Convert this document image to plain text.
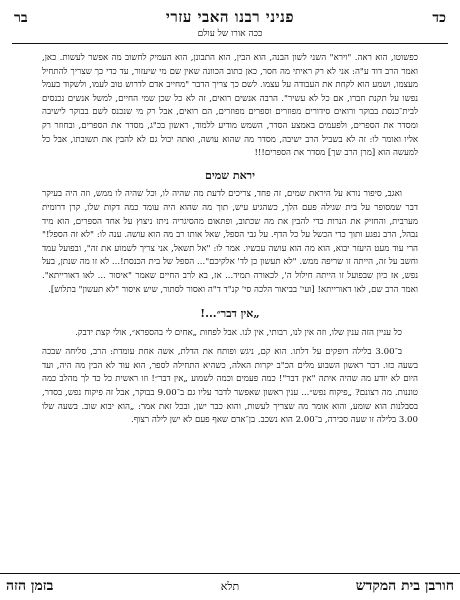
כד
בר	פניני רבנו האבי עזרי
ככה אורו של עולם

כפשוטו, הוא ראה. "וירא" השני לשון הבנה, הוא הבין, הוא התבונן, הוא העמיק לחשוב מה אפשר לעשות. כאן, ואמר הרב דוד ע"ה: אני לא רק ראיתי מה חסר, כאן כתוב הכוונה שאין שם מי שיעזור, עד כדי כך שצריך להתחיל מעצמו, ושמע הוא לקחת את העבודה על עצמו. לשם כך צריך הדבר "מחייב אדם לדרוש טוב לעמו, ולשקוד בעמל נפשו על תקנת חברו, אם כל לא עשיר". הרבה אנשים רואים, זה לא כל שכן שמי החיים, למשל אנשים נכנסים לבית־כנסת בבוקר ורואים סידורים מפוזרים וספרים מפוזרים, הם רואים, אבל רק מי שנכנס לשם בבוקר לישיבה ומסדר את הספרים, ולפעמים באמצע הסדר, השמש מודיע ללמוד, ראשון בכ"ג, מסדר את הספרים, ובחוזר רק אליו ואומר לו: זה לא בשביל הרב ישיבה, מסדר מה שהוא עושה, ואתה יכול גם לא להבין את תשובתו, אבל כל למעשה הוא [מרן הרב שך] מסדר את הספרים!!!

יראת שמים

ואגב, סיפור נורא על היראת שמים, זה פחד, צריכים לדעת מה שהיה לו, וכל שהיה לו ממש, וזה היה בעיקר דבר שמסופר על בית שגילה פעם הלך, כשהגיע עיש, תוך מה שהוא היה עומד כמה דקות שלו, קרן דרומית מערבית, והחזיק את הנרות כדי להבין את מה שכתוב, ופתאום מהסיגריה ניתז ניצוץ על אחד הספרים, הוא מיד נבהל, הרב נפגע ותוך כדי הכשל על כל הדף. על גבי הספל, שאל אותו רב מה הוא עושה. ענה לו: "לא זה הספל!" הרי עוד מעט היעזר יבוא, הוא מה הוא עושה עכשיו. אמר לו: "אל תשאל, אני צריך לשמוע את זה", ובפועל עמד וחשב על זה, הייתה זו שריפה ממש. "לא תעשון כן לד' אלקיכם"... הספל של בית הכנסת!... לא זו מה שנתן, בעל נפש, אז כיון שבפועל זו הייתה חילול ה', לכאורה תמיד... אז, בא לרב החיים שאמר "איסור ... לאו דאורייתא". ואמר הרב שם, לאו דאורייתא! [ועי' בביאור הלכה סי' קנ"ד ד"ה ואסור לסתור, שיש איסור "לא תעשון" בתלוש].

„אין דבר״...!

כל עניין הזה ענין שלו, וזה אין לנו, רבותי, אין לנו. אבל לפחות „אחים לי בהספרא״, אולי קצת ידבק.

ב־3.00 בלילה דופקים על דלתו. הוא קם, ניגש ופותח את הדלת, אשה אחת עומדת: הרב, סליחה שבכה בשעה כזו. דבר ראשון השבוע מלים הכ"ב יקרות האלה, כשהיא התחילה לספר, הוא עוד לא הבין מה היה, ועד היום לא יודע מה שהיה איתה "אין דבר"! כמה פעמים וכמה לשמוע „אין דבר״! וזו ראשית כל כד לך מהלב כמה טוננות. מה רצונם? „פיקוח נפש״... ענין ראשון שאפשר לדבר עליו גם ב־9.00 בבוקר, אבל זה פיקוח נפש, בסדר, בסבלנות הוא שומע, והוא אומר מה שצריך לעשות, והוא כבר ישן, ובכל זאת אמר: „הוא יבוא שוב. בשעה שלו 3.00 בלילה זו שעה סבירה, ב־2.00 הוא נשכב. בן־אדם שאף פעם לא ישן לילה רצוף.

חורבן בית המקדש
תלא
בזמן הזה
